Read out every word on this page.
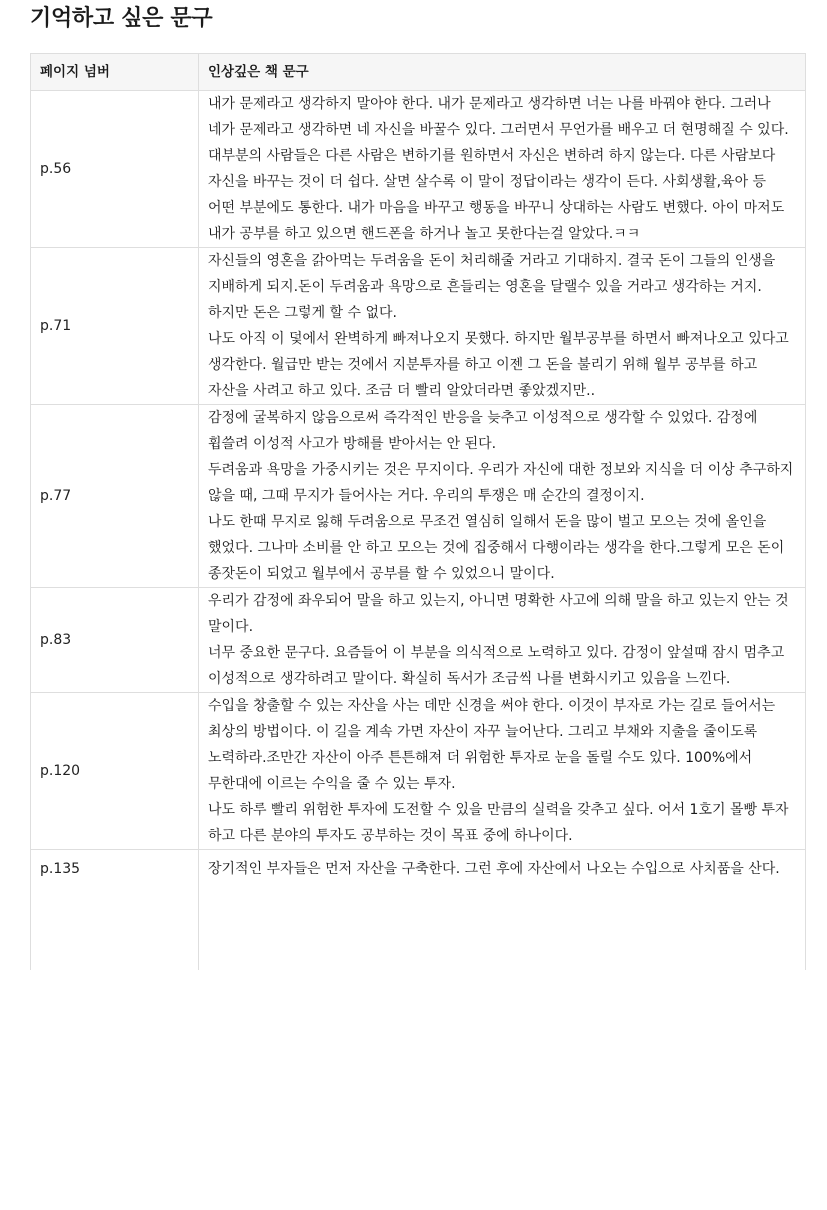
기억하고 싶은 문구
페이지 넘버	인상깊은 책 문구
p.56	내가 문제라고 생각하지 말아야 한다. 내가 문제라고 생각하면 너는 나를 바꿔야 한다. 그러나 네가 문제라고 생각하면 네 자신을 바꿀수 있다. 그러면서 무언가를 배우고 더 현명해질 수 있다. 대부분의 사람들은 다른 사람은 변하기를 원하면서 자신은 변하려 하지 않는다. 다른 사람보다 자신을 바꾸는 것이 더 쉽다. 살면 살수록 이 말이 정답이라는 생각이 든다. 사회생활,육아 등 어떤 부분에도 통한다. 내가 마음을 바꾸고 행동을 바꾸니 상대하는 사람도 변했다. 아이 마저도 내가 공부를 하고 있으면 핸드폰을 하거나 놀고 못한다는걸 알았다.ㅋㅋ

p.71	자신들의 영혼을 갉아먹는 두려움을 돈이 처리해줄 거라고 기대하지. 결국 돈이 그들의 인생을 지배하게 되지.돈이 두려움과 욕망으로 흔들리는 영혼을 달랠수 있을 거라고 생각하는 거지. 하지만 돈은 그렇게 할 수 없다.
나도 아직 이 덫에서 완벽하게 빠져나오지 못했다. 하지만 월부공부를 하면서 빠져나오고 있다고 생각한다. 월급만 받는 것에서 지분투자를 하고 이젠 그 돈을 불리기 위해 월부 공부를 하고 자산을 사려고 하고 있다. 조금 더 빨리 알았더라면 좋았겠지만..

p.77	감정에 굴복하지 않음으로써 즉각적인 반응을 늦추고 이성적으로 생각할 수 있었다. 감정에 휩쓸려 이성적 사고가 방해를 받아서는 안 된다.
두려움과 욕망을 가중시키는 것은 무지이다. 우리가 자신에 대한 정보와 지식을 더 이상 추구하지 않을 때, 그때 무지가 들어사는 거다. 우리의 투쟁은 매 순간의 결정이지.
나도 한때 무지로 잃해 두려움으로 무조건 열심히 일해서 돈을 많이 벌고 모으는 것에 올인을 했었다. 그나마 소비를 안 하고 모으는 것에 집중해서 다행이라는 생각을 한다.그렇게 모은 돈이 종잣돈이 되었고 월부에서 공부를 할 수 있었으니 말이다.

p.83	우리가 감정에 좌우되어 말을 하고 있는지, 아니면 명확한 사고에 의해 말을 하고 있는지 안는 것 말이다.
너무 중요한 문구다. 요즘들어 이 부분을 의식적으로 노력하고 있다. 감정이 앞설때 잠시 멈추고 이성적으로 생각하려고 말이다. 확실히 독서가 조금씩 나를 변화시키고 있음을 느낀다.

p.120	수입을 창출할 수 있는 자산을 사는 데만 신경을 써야 한다. 이것이 부자로 가는 길로 들어서는 최상의 방법이다. 이 길을 계속 가면 자산이 자꾸 늘어난다. 그리고 부채와 지출을 줄이도록 노력하라.조만간 자산이 아주 튼튼해져 더 위험한 투자로 눈을 돌릴 수도 있다. 100%에서 무한대에 이르는 수익을 줄 수 있는 투자.
나도 하루 빨리 위험한 투자에 도전할 수 있을 만큼의 실력을 갖추고 싶다. 어서 1호기 몰빵 투자 하고 다른 분야의 투자도 공부하는 것이 목표 중에 하나이다.

p.135	장기적인 부자들은 먼저 자산을 구축한다. 그런 후에 자산에서 나오는 수입으로 사치품을 산다.
